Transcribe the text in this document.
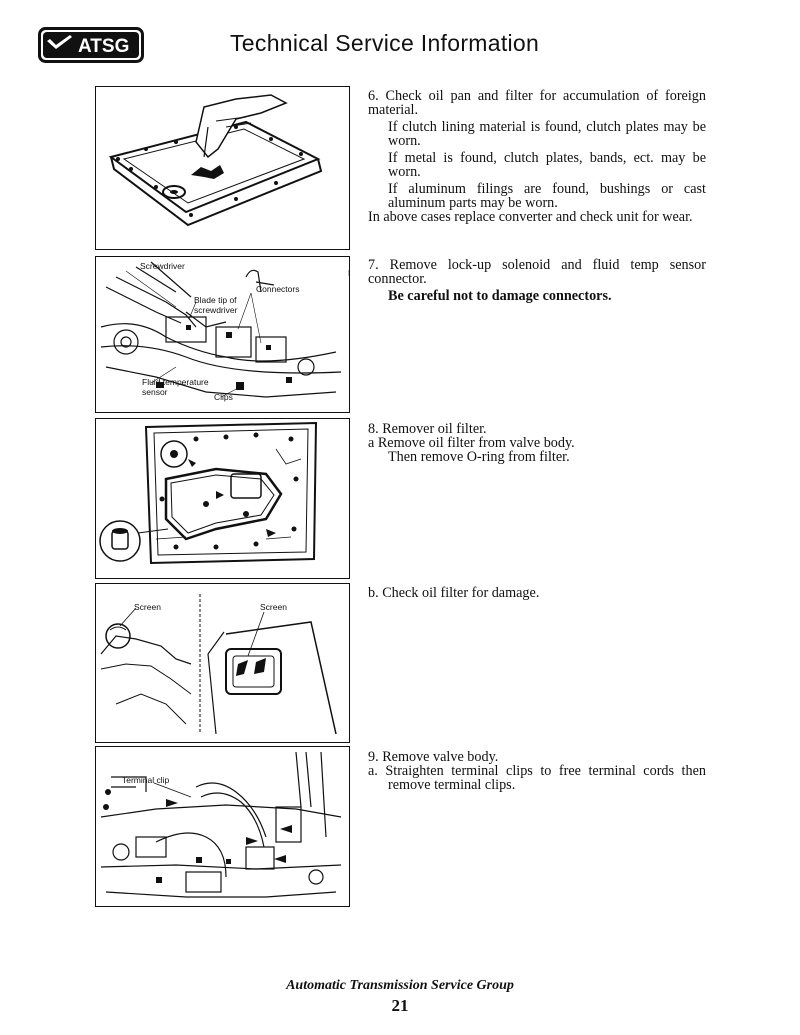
ATSG	Technical Service Information
Screwdriver
Connectors
Blade tip of
screwdriver
Fluid temperature
sensor	Clips
Screen	Screen
Terminal clip

6. Check oil pan and filter for accumulation of foreign material.

If clutch lining material is found, clutch plates may be worn.

If metal is found, clutch plates, bands, ect. may be worn.

If aluminum filings are found, bushings or cast aluminum parts may be worn.

In above cases replace converter and check unit for wear.

7. Remove lock-up solenoid and fluid temp sensor connector.

Be careful not to damage connectors.

8. Remover oil filter.

a Remove oil filter from valve body.

Then remove O-ring from filter.

b. Check oil filter for damage.

9. Remove valve body.

a. Straighten terminal clips to free terminal cords then remove terminal clips.

Automatic Transmission Service Group
21
